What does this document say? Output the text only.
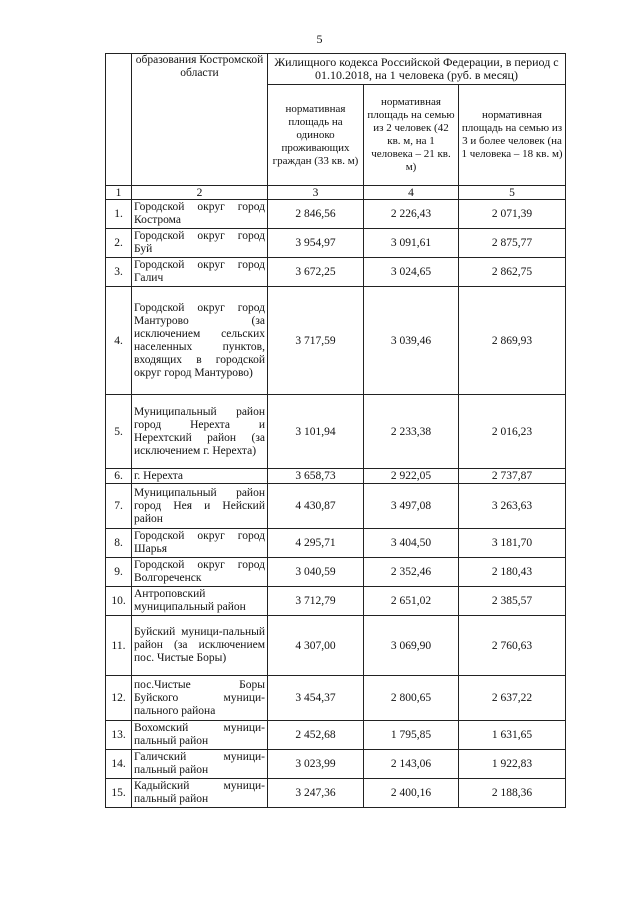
5
	образования Костромской области	Жилищного кодекса Российской Федерации, в период с 01.10.2018, на 1 человека (руб. в месяц)		
		нормативная площадь на одиноко проживающих граждан (33 кв. м)	нормативная площадь на семью из 2 человек (42 кв. м, на 1 человека – 21 кв. м)	нормативная площадь на семью из 3 и более человек (на 1 человека – 18 кв. м)
1	2	3	4	5
1.	Городской округ город Кострома	2 846,56	2 226,43	2 071,39
2.	Городской округ город Буй	3 954,97	3 091,61	2 875,77
3.	Городской округ город Галич	3 672,25	3 024,65	2 862,75
4.	Городской округ город Мантурово (за исключением сельских населенных пунктов, входящих в городской округ город Мантурово)	3 717,59	3 039,46	2 869,93
5.	Муниципальный район город Нерехта и Нерехтский район (за исключением г. Нерехта)	3 101,94	2 233,38	2 016,23
6.	г. Нерехта	3 658,73	2 922,05	2 737,87
7.	Муниципальный район город Нея и Нейский район	4 430,87	3 497,08	3 263,63
8.	Городской округ город Шарья	4 295,71	3 404,50	3 181,70
9.	Городской округ город Волгореченск	3 040,59	2 352,46	2 180,43
10.	Антроповский муниципальный район	3 712,79	2 651,02	2 385,57
11.	Буйский муници-пальный район (за исключением пос. Чистые Боры)	4 307,00	3 069,90	2 760,63
12.	пос.Чистые Боры Буйского муници-пального района	3 454,37	2 800,65	2 637,22
13.	Вохомский муници-пальный район	2 452,68	1 795,85	1 631,65
14.	Галичский муници-пальный район	3 023,99	2 143,06	1 922,83
15.	Кадыйский муници-пальный район	3 247,36	2 400,16	2 188,36
